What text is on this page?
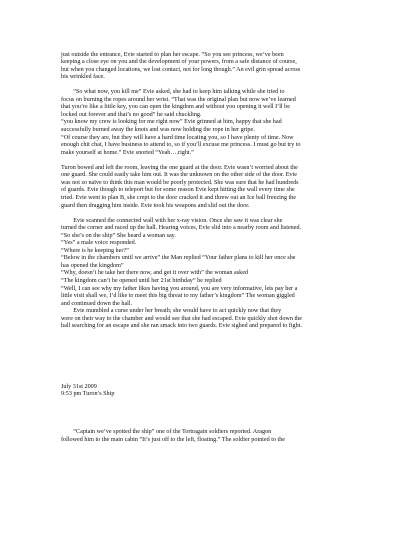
just outside the entrance, Evie started to plan her escape. “So you see princess, we’ve been
keeping a close eye on you and the development of your powers, from a safe distance of course,
but when you changed locations, we lost contact, not for long though.” An evil grin spread across
his wrinkled face.
“So what now, you kill me” Evie asked, she had to keep him talking while she tried to
focus on burning the ropes around her wrist. “That was the original plan but now we’ve learned
that you’re like a little key, you can open the kingdom and without you opening it well I’ll be
locked out forever and that’s no good” he said chuckling.
“you know my crew is looking for me right now” Evie grinned at him, happy that she had
successfully burned away the knots and was now holding the rope in her gripe.
“Of course they are, but they will have a hard time locating you, so I have plenty of time. Now
enough chit chat, I have business to attend to, so if you’ll excuse me princess. I must go but try to
make yourself at home.” Evie snorted “Yeah….right.”
Turon bowed and left the room, leaving the one guard at the door. Evie wasn’t worried about the
one guard. She could easily take him out. It was the unknown on the other side of the door. Evie
was not so naïve to think this man would be poorly protected. She was sure that he had hundreds
of guards. Evie though to teleport but for some reason Evie kept hitting the wall every time she
tried. Evie went to plan B, she crept to the door cracked it and threw out an Ice ball freezing the
guard then dragging him inside. Evie took his weapons and slid out the door.
Evie scanned the connected wall with her x-ray vision. Once she saw it was clear she
turned the corner and raced up the hall. Hearing voices, Evie slid into a nearby room and listened.
“So she’s on the ship” She heard a woman say.
“Yes” a male voice responded.
“Where is he keeping her?”
“Below in the chambers until we arrive” the Man replied “Your father plans to kill her once she
has opened the kingdom”
“Why, doesn’t he take her there now, and get it over with” the woman asked
“The kingdom can’t be opened until her 21st birthday” he replied
“Well, I can see why my father likes having you around, you are very informative, lets pay her a
little visit shall we, I’d like to meet this big threat to my father’s kingdom” The woman giggled
and continued down the hall.
Evie mumbled a curse under her breath; she would have to act quickly now that they
were on their way to the chamber and would see that she had escaped. Evie quickly shot down the
hall searching for an escape and she ran smack into two guards. Evie sighed and prepared to fight.
July 31st 2009
9:53 pm Turon’s Ship
“Captain we’ve spotted the ship” one of the Tortragain soldiers reported. Aragon
followed him to the main cabin “It’s just off to the left, floating.” The soldier pointed to the
